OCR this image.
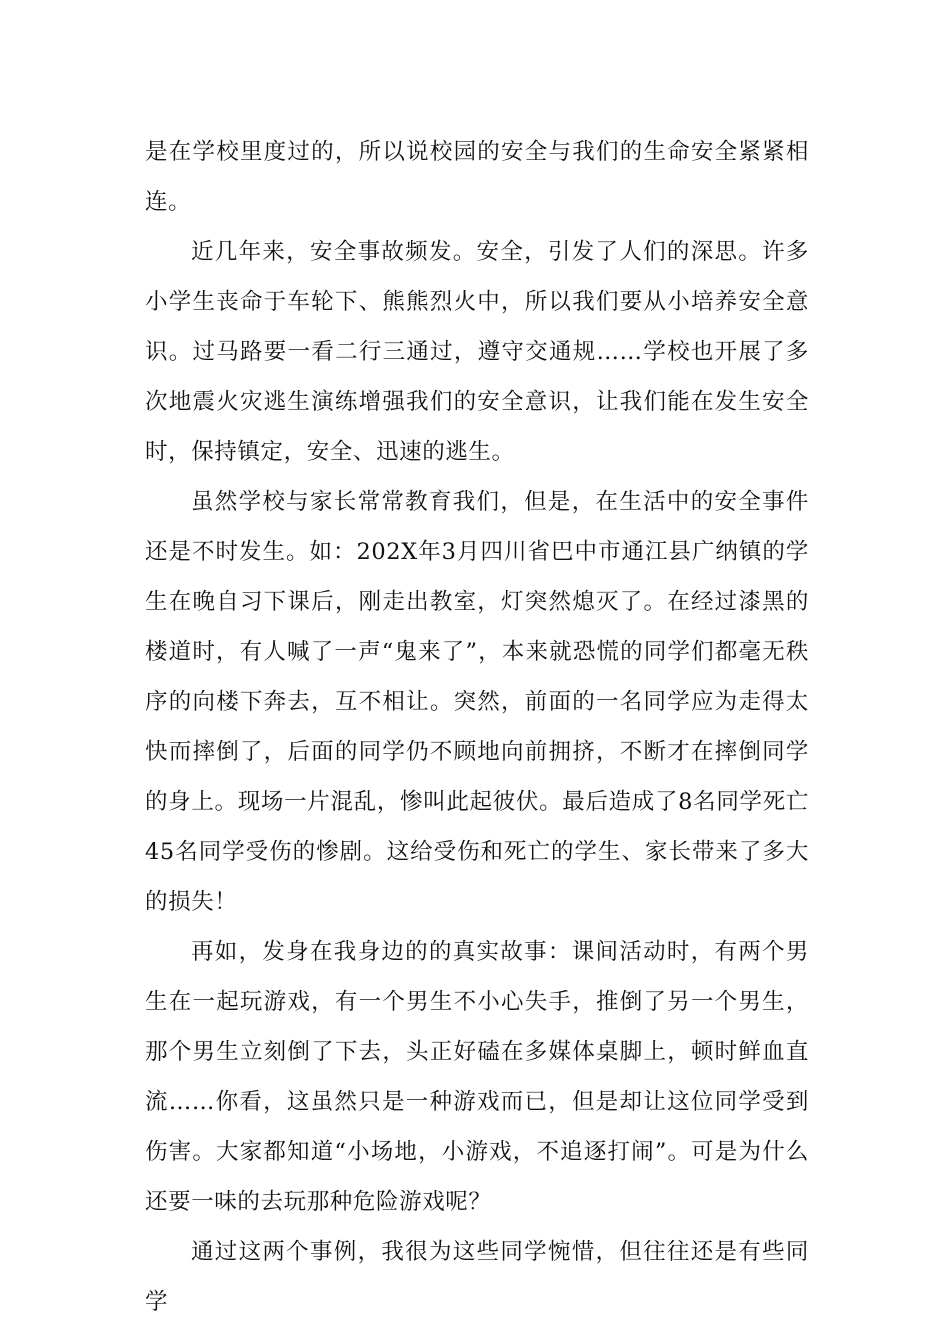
是在学校里度过的，所以说校园的安全与我们的生命安全紧紧相连。

近几年来，安全事故频发。安全，引发了人们的深思。许多小学生丧命于车轮下、熊熊烈火中，所以我们要从小培养安全意识。过马路要一看二行三通过，遵守交通规……学校也开展了多次地震火灾逃生演练增强我们的安全意识，让我们能在发生安全时，保持镇定，安全、迅速的逃生。

虽然学校与家长常常教育我们，但是，在生活中的安全事件还是不时发生。如：202X年3月四川省巴中市通江县广纳镇的学生在晚自习下课后，刚走出教室，灯突然熄灭了。在经过漆黑的楼道时，有人喊了一声“鬼来了”，本来就恐慌的同学们都毫无秩序的向楼下奔去，互不相让。突然，前面的一名同学应为走得太快而摔倒了，后面的同学仍不顾地向前拥挤，不断才在摔倒同学的身上。现场一片混乱，惨叫此起彼伏。最后造成了8名同学死亡45名同学受伤的惨剧。这给受伤和死亡的学生、家长带来了多大的损失！

再如，发身在我身边的的真实故事：课间活动时，有两个男生在一起玩游戏，有一个男生不小心失手，推倒了另一个男生，那个男生立刻倒了下去，头正好磕在多媒体桌脚上，顿时鲜血直流……你看，这虽然只是一种游戏而已，但是却让这位同学受到伤害。大家都知道“小场地，小游戏，不追逐打闹”。可是为什么还要一味的去玩那种危险游戏呢？

通过这两个事例，我很为这些同学惋惜，但往往还是有些同学
